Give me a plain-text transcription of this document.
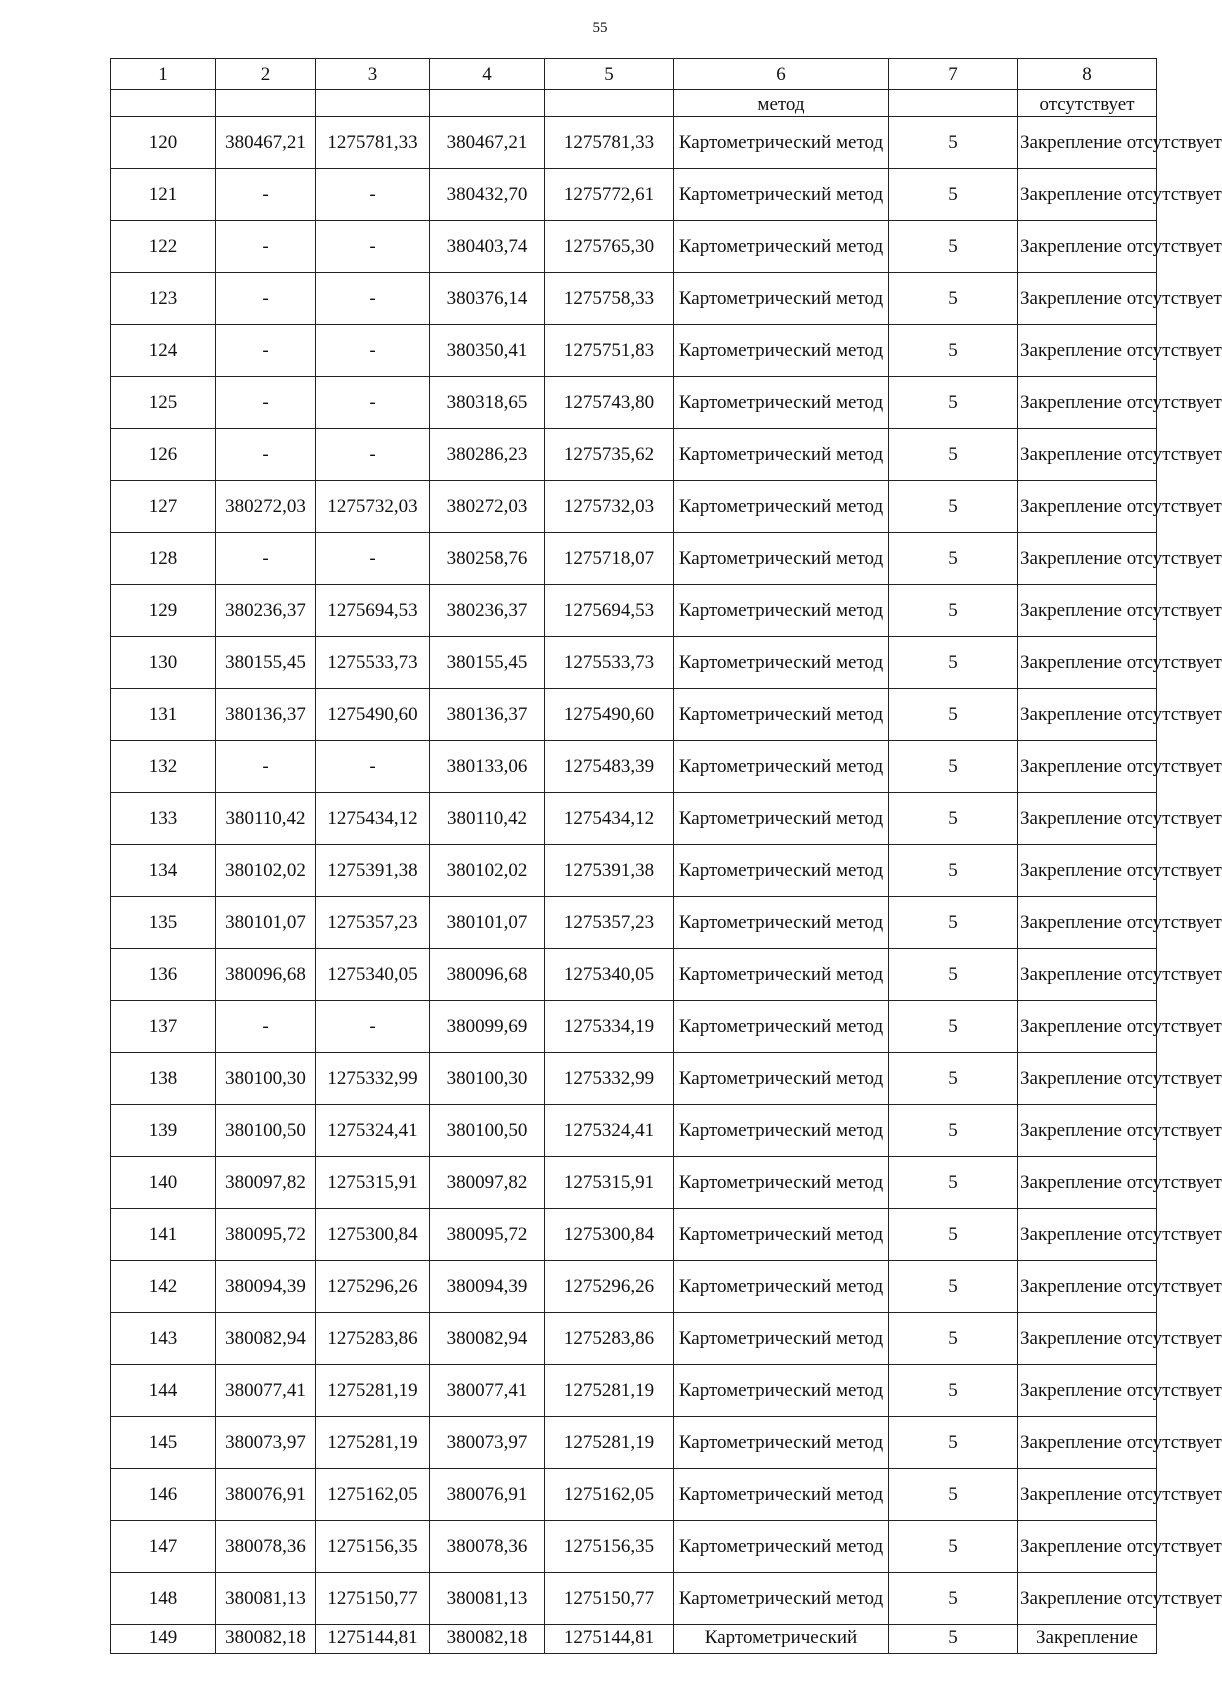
55
1	2	3	4	5	6	7	8
					метод		отсутствует
120	380467,21	1275781,33	380467,21	1275781,33	Картометрический метод	5	Закрепление отсутствует
121	-	-	380432,70	1275772,61	Картометрический метод	5	Закрепление отсутствует
122	-	-	380403,74	1275765,30	Картометрический метод	5	Закрепление отсутствует
123	-	-	380376,14	1275758,33	Картометрический метод	5	Закрепление отсутствует
124	-	-	380350,41	1275751,83	Картометрический метод	5	Закрепление отсутствует
125	-	-	380318,65	1275743,80	Картометрический метод	5	Закрепление отсутствует
126	-	-	380286,23	1275735,62	Картометрический метод	5	Закрепление отсутствует
127	380272,03	1275732,03	380272,03	1275732,03	Картометрический метод	5	Закрепление отсутствует
128	-	-	380258,76	1275718,07	Картометрический метод	5	Закрепление отсутствует
129	380236,37	1275694,53	380236,37	1275694,53	Картометрический метод	5	Закрепление отсутствует
130	380155,45	1275533,73	380155,45	1275533,73	Картометрический метод	5	Закрепление отсутствует
131	380136,37	1275490,60	380136,37	1275490,60	Картометрический метод	5	Закрепление отсутствует
132	-	-	380133,06	1275483,39	Картометрический метод	5	Закрепление отсутствует
133	380110,42	1275434,12	380110,42	1275434,12	Картометрический метод	5	Закрепление отсутствует
134	380102,02	1275391,38	380102,02	1275391,38	Картометрический метод	5	Закрепление отсутствует
135	380101,07	1275357,23	380101,07	1275357,23	Картометрический метод	5	Закрепление отсутствует
136	380096,68	1275340,05	380096,68	1275340,05	Картометрический метод	5	Закрепление отсутствует
137	-	-	380099,69	1275334,19	Картометрический метод	5	Закрепление отсутствует
138	380100,30	1275332,99	380100,30	1275332,99	Картометрический метод	5	Закрепление отсутствует
139	380100,50	1275324,41	380100,50	1275324,41	Картометрический метод	5	Закрепление отсутствует
140	380097,82	1275315,91	380097,82	1275315,91	Картометрический метод	5	Закрепление отсутствует
141	380095,72	1275300,84	380095,72	1275300,84	Картометрический метод	5	Закрепление отсутствует
142	380094,39	1275296,26	380094,39	1275296,26	Картометрический метод	5	Закрепление отсутствует
143	380082,94	1275283,86	380082,94	1275283,86	Картометрический метод	5	Закрепление отсутствует
144	380077,41	1275281,19	380077,41	1275281,19	Картометрический метод	5	Закрепление отсутствует
145	380073,97	1275281,19	380073,97	1275281,19	Картометрический метод	5	Закрепление отсутствует
146	380076,91	1275162,05	380076,91	1275162,05	Картометрический метод	5	Закрепление отсутствует
147	380078,36	1275156,35	380078,36	1275156,35	Картометрический метод	5	Закрепление отсутствует
148	380081,13	1275150,77	380081,13	1275150,77	Картометрический метод	5	Закрепление отсутствует
149	380082,18	1275144,81	380082,18	1275144,81	Картометрический	5	Закрепление
